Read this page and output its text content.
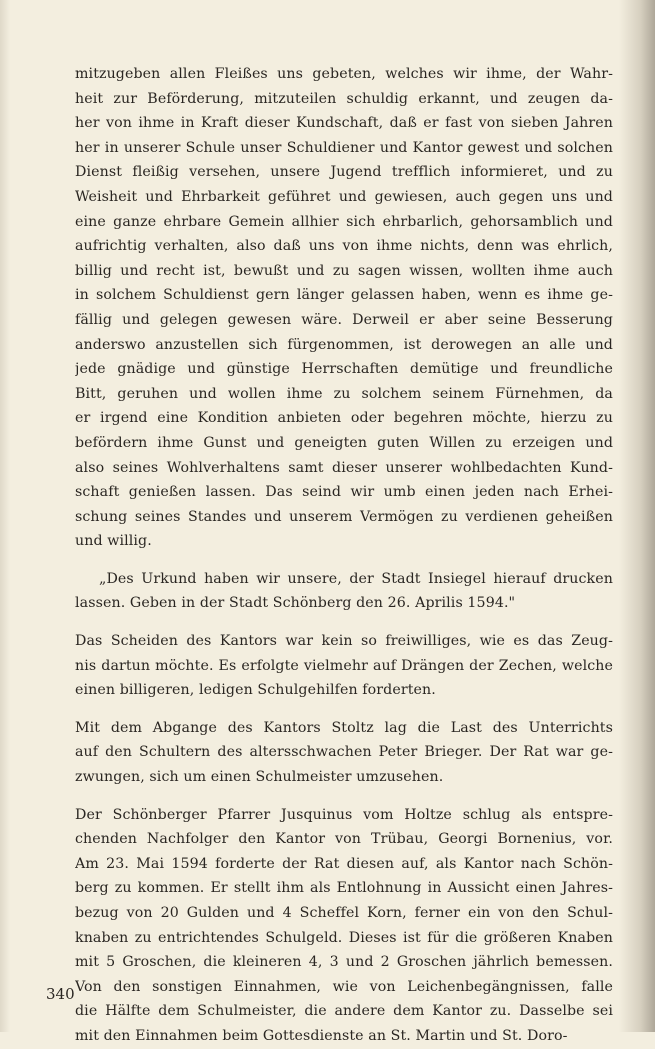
mitzugeben allen Fleißes uns gebeten, welches wir ihme, der Wahr-
heit zur Beförderung, mitzuteilen schuldig erkannt, und zeugen da-
her von ihme in Kraft dieser Kundschaft, daß er fast von sieben Jahren
her in unserer Schule unser Schuldiener und Kantor gewest und solchen
Dienst fleißig versehen, unsere Jugend trefflich informieret, und zu
Weisheit und Ehrbarkeit geführet und gewiesen, auch gegen uns und
eine ganze ehrbare Gemein allhier sich ehrbarlich, gehorsamblich und
aufrichtig verhalten, also daß uns von ihme nichts, denn was ehrlich,
billig und recht ist, bewußt und zu sagen wissen, wollten ihme auch
in solchem Schuldienst gern länger gelassen haben, wenn es ihme ge-
fällig und gelegen gewesen wäre. Derweil er aber seine Besserung
anderswo anzustellen sich fürgenommen, ist derowegen an alle und
jede gnädige und günstige Herrschaften demütige und freundliche
Bitt, geruhen und wollen ihme zu solchem seinem Fürnehmen, da
er irgend eine Kondition anbieten oder begehren möchte, hierzu zu
befördern ihme Gunst und geneigten guten Willen zu erzeigen und
also seines Wohlverhaltens samt dieser unserer wohlbedachten Kund-
schaft genießen lassen. Das seind wir umb einen jeden nach Erhei-
schung seines Standes und unserem Vermögen zu verdienen geheißen
und willig.
„Des Urkund haben wir unsere, der Stadt Insiegel hierauf drucken
lassen. Geben in der Stadt Schönberg den 26. Aprilis 1594."
Das Scheiden des Kantors war kein so freiwilliges, wie es das Zeug-
nis dartun möchte. Es erfolgte vielmehr auf Drängen der Zechen, welche
einen billigeren, ledigen Schulgehilfen forderten.
Mit dem Abgange des Kantors Stoltz lag die Last des Unterrichts
auf den Schultern des altersschwachen Peter Brieger. Der Rat war ge-
zwungen, sich um einen Schulmeister umzusehen.
Der Schönberger Pfarrer Jusquinus vom Holtze schlug als entspre-
chenden Nachfolger den Kantor von Trübau, Georgi Bornenius, vor.
Am 23. Mai 1594 forderte der Rat diesen auf, als Kantor nach Schön-
berg zu kommen. Er stellt ihm als Entlohnung in Aussicht einen Jahres-
bezug von 20 Gulden und 4 Scheffel Korn, ferner ein von den Schul-
knaben zu entrichtendes Schulgeld. Dieses ist für die größeren Knaben
mit 5 Groschen, die kleineren 4, 3 und 2 Groschen jährlich bemessen.
Von den sonstigen Einnahmen, wie von Leichenbegängnissen, falle
die Hälfte dem Schulmeister, die andere dem Kantor zu. Dasselbe sei
mit den Einnahmen beim Gottesdienste an St. Martin und St. Doro-
340
